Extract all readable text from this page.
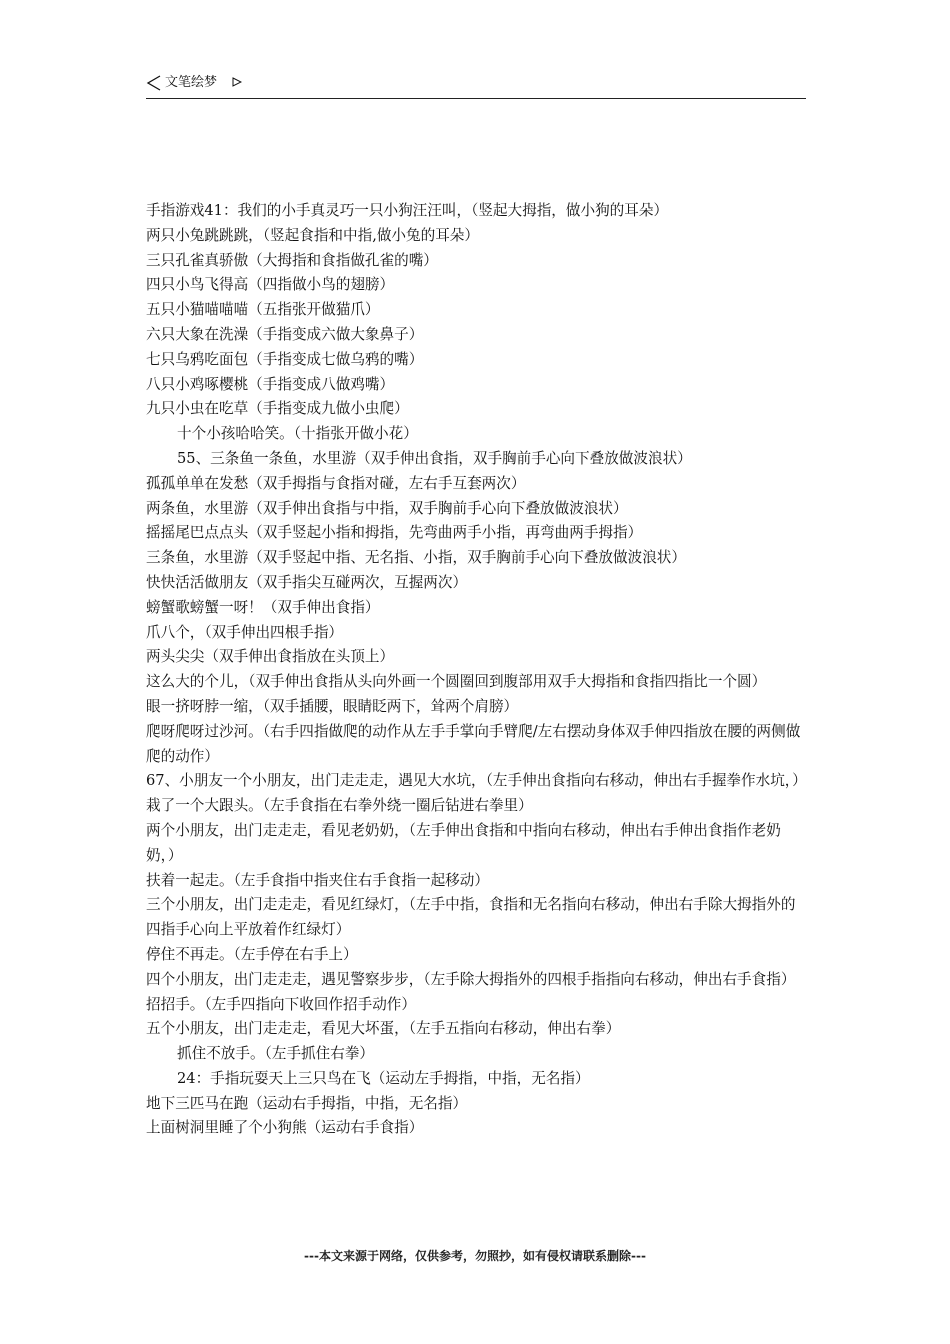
文笔绘梦

手指游戏41：我们的小手真灵巧一只小狗汪汪叫，（竖起大拇指，做小狗的耳朵）

两只小兔跳跳跳，（竖起食指和中指,做小兔的耳朵）

三只孔雀真骄傲（大拇指和食指做孔雀的嘴）

四只小鸟飞得高（四指做小鸟的翅膀）

五只小猫喵喵喵（五指张开做猫爪）

六只大象在洗澡（手指变成六做大象鼻子）

七只乌鸦吃面包（手指变成七做乌鸦的嘴）

八只小鸡啄樱桃（手指变成八做鸡嘴）

九只小虫在吃草（手指变成九做小虫爬）

十个小孩哈哈笑。（十指张开做小花）

55、三条鱼一条鱼，水里游（双手伸出食指，双手胸前手心向下叠放做波浪状）

孤孤单单在发愁（双手拇指与食指对碰，左右手互套两次）

两条鱼，水里游（双手伸出食指与中指，双手胸前手心向下叠放做波浪状）

摇摇尾巴点点头（双手竖起小指和拇指，先弯曲两手小指，再弯曲两手拇指）

三条鱼，水里游（双手竖起中指、无名指、小指，双手胸前手心向下叠放做波浪状）

快快活活做朋友（双手指尖互碰两次，互握两次）

螃蟹歌螃蟹一呀！（双手伸出食指）

爪八个，（双手伸出四根手指）

两头尖尖（双手伸出食指放在头顶上）

这么大的个儿，（双手伸出食指从头向外画一个圆圈回到腹部用双手大拇指和食指四指比一个圆）

眼一挤呀脖一缩，（双手插腰，眼睛眨两下，耸两个肩膀）

爬呀爬呀过沙河。（右手四指做爬的动作从左手手掌向手臂爬/左右摆动身体双手伸四指放在腰的两侧做爬的动作）

67、小朋友一个小朋友，出门走走走，遇见大水坑，（左手伸出食指向右移动，伸出右手握拳作水坑，）

栽了一个大跟头。（左手食指在右拳外绕一圈后钻进右拳里）

两个小朋友，出门走走走，看见老奶奶，（左手伸出食指和中指向右移动，伸出右手伸出食指作老奶奶，）

扶着一起走。（左手食指中指夹住右手食指一起移动）

三个小朋友，出门走走走，看见红绿灯，（左手中指，食指和无名指向右移动，伸出右手除大拇指外的四指手心向上平放着作红绿灯）

停住不再走。（左手停在右手上）

四个小朋友，出门走走走，遇见警察步步，（左手除大拇指外的四根手指指向右移动，伸出右手食指）

招招手。（左手四指向下收回作招手动作）

五个小朋友，出门走走走，看见大坏蛋，（左手五指向右移动，伸出右拳）

抓住不放手。（左手抓住右拳）

24：手指玩耍天上三只鸟在飞（运动左手拇指，中指，无名指）

地下三匹马在跑（运动右手拇指，中指，无名指）

上面树洞里睡了个小狗熊（运动右手食指）

---本文来源于网络，仅供参考，勿照抄，如有侵权请联系删除---
